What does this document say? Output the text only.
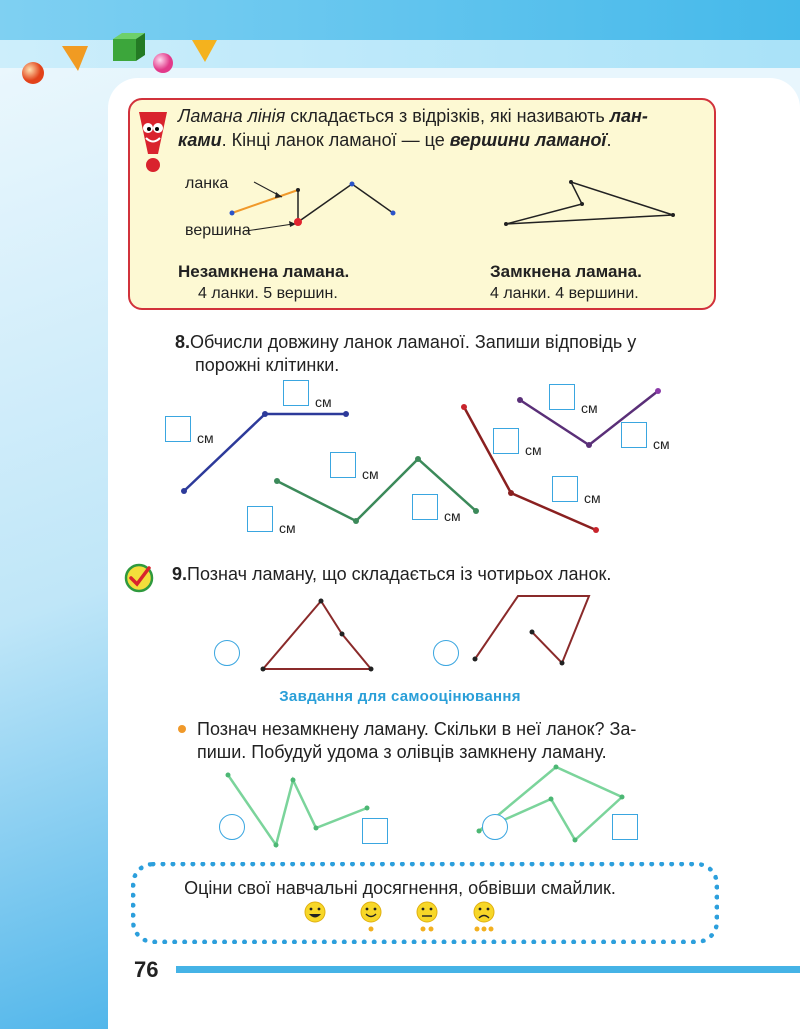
Ламана лінія складається з відрізків, які називають лан-
ками. Кінці ланок ламаної — це вершини ламаної.
ланка
вершина
Незамкнена ламана.
4 ланки. 5 вершин.
Замкнена ламана.
4 ланки. 4 вершини.
8.Обчисли довжину ланок ламаної. Запиши відповідь у
порожні клітинки.
см
см
см
см
см
см
см	см
см
9.Познач ламану, що складається із чотирьох ланок.
Завдання для самооцінювання
Познач незамкнену ламану. Скільки в неї ланок? За-
пиши. Побудуй удома з олівців замкнену ламану.
Оціни свої навчальні досягнення, обвівши смайлик.
76
